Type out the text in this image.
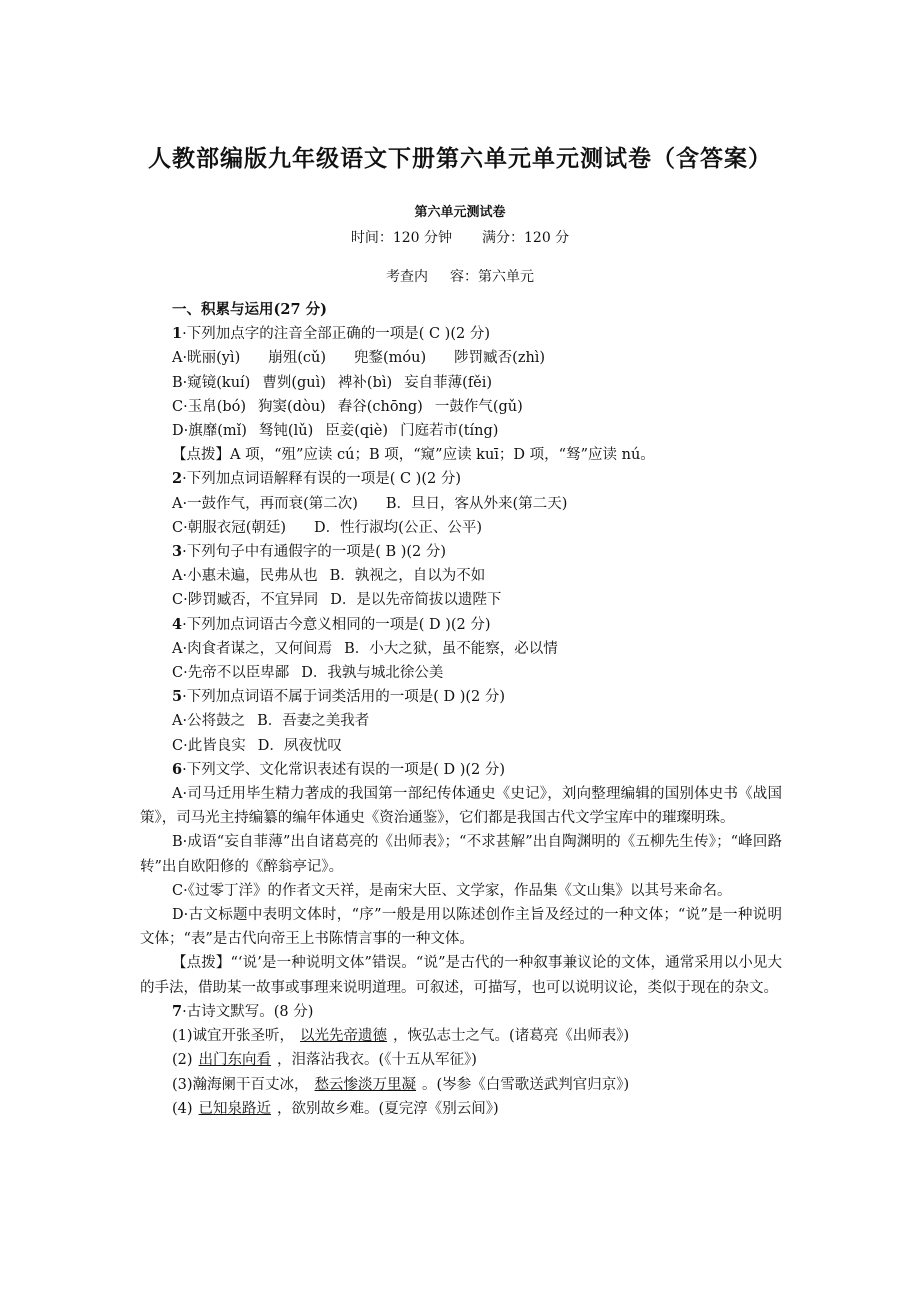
人教部编版九年级语文下册第六单元单元测试卷（含答案）
第六单元测试卷
时间：120 分钟 满分：120 分
考查内 容：第六单元
一、积累与运用(27 分)
1·下列加点字的注音全部正确的一项是( C )(2 分)
A·晄丽(yì) 崩殂(cǔ) 兜鍪(móu) 陟罚臧否(zhì)
B·窥镜(kuí) 曹刿(guì) 裨补(bì) 妄自菲薄(fěi)
C·玉帛(bó) 狗窦(dòu) 舂谷(chōng) 一鼓作气(gǔ)
D·旗靡(mǐ) 驽钝(lǔ) 臣妾(qiè) 门庭若市(tíng)
【点拨】A 项，“殂”应读 cú；B 项，“窥”应读 kuī；D 项，“驽”应读 nú。
2·下列加点词语解释有误的一项是( C )(2 分)
A·一鼓作气，再而衰(第二次) B．旦日，客从外来(第二天)
C·朝服衣冠(朝廷) D．性行淑均(公正、公平)
3·下列句子中有通假字的一项是( B )(2 分)
A·小惠未遍，民弗从也 B．孰视之，自以为不如
C·陟罚臧否，不宜异同 D．是以先帝简拔以遗陛下
4·下列加点词语古今意义相同的一项是( D )(2 分)
A·肉食者谋之，又何间焉 B．小大之狱，虽不能察，必以情
C·先帝不以臣卑鄙 D．我孰与城北徐公美
5·下列加点词语不属于词类活用的一项是( D )(2 分)
A·公将鼓之 B．吾妻之美我者
C·此皆良实 D．夙夜忧叹
6·下列文学、文化常识表述有误的一项是( D )(2 分)
A·司马迁用毕生精力著成的我国第一部纪传体通史《史记》，刘向整理编辑的国别体史书《战国策》，司马光主持编纂的编年体通史《资治通鉴》，它们都是我国古代文学宝库中的璀璨明珠。
B·成语“妄自菲薄”出自诸葛亮的《出师表》；“不求甚解”出自陶渊明的《五柳先生传》；“峰回路转”出自欧阳修的《醉翁亭记》。
C·《过零丁洋》的作者文天祥，是南宋大臣、文学家，作品集《文山集》以其号来命名。
D·古文标题中表明文体时，“序”一般是用以陈述创作主旨及经过的一种文体；“说”是一种说明文体；“表”是古代向帝王上书陈情言事的一种文体。
【点拨】“‘说’是一种说明文体”错误。“说”是古代的一种叙事兼议论的文体，通常采用以小见大的手法，借助某一故事或事理来说明道理。可叙述，可描写，也可以说明议论，类似于现在的杂文。
7·古诗文默写。(8 分)
(1)诚宜开张圣听， 以光先帝遗德 ，恢弘志士之气。(诸葛亮《出师表》)
(2) 出门东向看 ，泪落沾我衣。(《十五从军征》)
(3)瀚海阑干百丈冰， 愁云惨淡万里凝 。(岑参《白雪歌送武判官归京》)
(4) 已知泉路近 ，欲别故乡难。(夏完淳《别云间》)
